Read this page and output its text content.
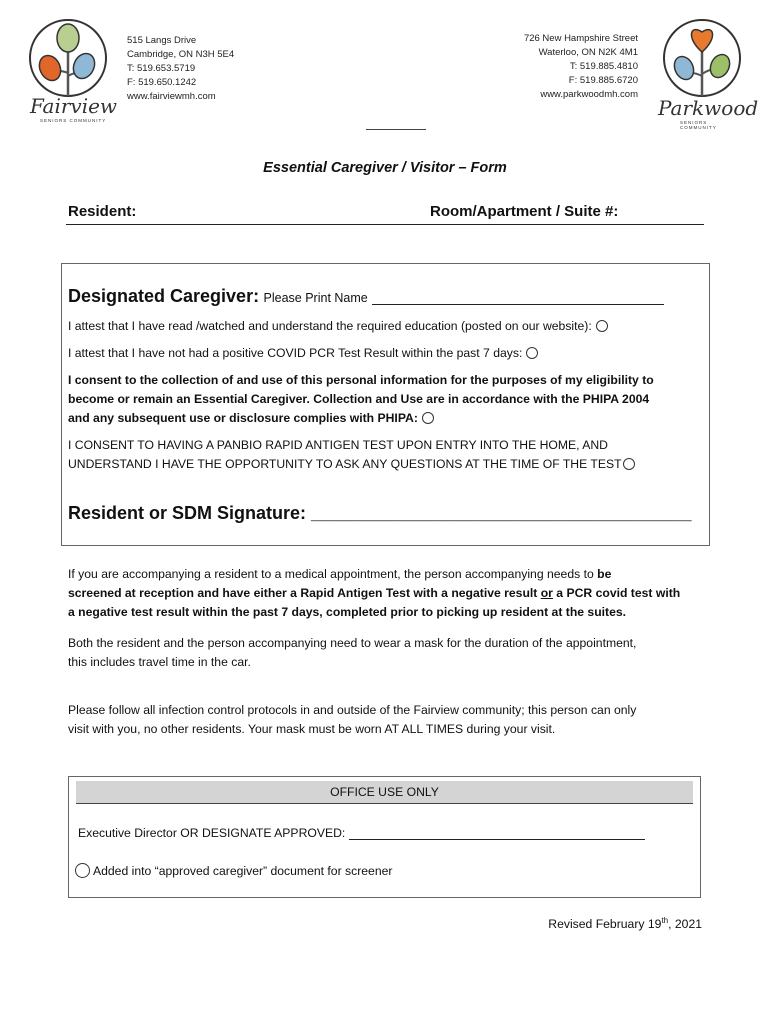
Fairview
SENIORS COMMUNITY
515 Langs Drive
Cambridge, ON N3H 5E4
T: 519.653.5719
F: 519.650.1242
www.fairviewmh.com
726 New Hampshire Street
Waterloo, ON N2K 4M1
T: 519.885.4810
F: 519.885.6720
www.parkwoodmh.com
Parkwood
SENIORS COMMUNITY
Essential Caregiver / Visitor – Form
Resident:	Room/Apartment / Suite #:
Designated Caregiver: Please Print Name
I attest that I have read /watched and understand the required education (posted on our website):
I attest that I have not had a positive COVID PCR Test Result within the past 7 days:
I consent to the collection of and use of this personal information for the purposes of my eligibility to
become or remain an Essential Caregiver. Collection and Use are in accordance with the PHIPA 2004
and any subsequent use or disclosure complies with PHIPA:
I CONSENT TO HAVING A PANBIO RAPID ANTIGEN TEST UPON ENTRY INTO THE HOME, AND
UNDERSTAND I HAVE THE OPPORTUNITY TO ASK ANY QUESTIONS AT THE TIME OF THE TEST
Resident or SDM Signature: ______________________________________
If you are accompanying a resident to a medical appointment, the person accompanying needs to be
screened at reception and have either a Rapid Antigen Test with a negative result or a PCR covid test with
a negative test result within the past 7 days, completed prior to picking up resident at the suites.
Both the resident and the person accompanying need to wear a mask for the duration of the appointment,
this includes travel time in the car.
Please follow all infection control protocols in and outside of the Fairview community; this person can only
visit with you, no other residents. Your mask must be worn AT ALL TIMES during your visit.
OFFICE USE ONLY
Executive Director OR DESIGNATE APPROVED:
Added into “approved caregiver” document for screener
Revised February 19th, 2021
